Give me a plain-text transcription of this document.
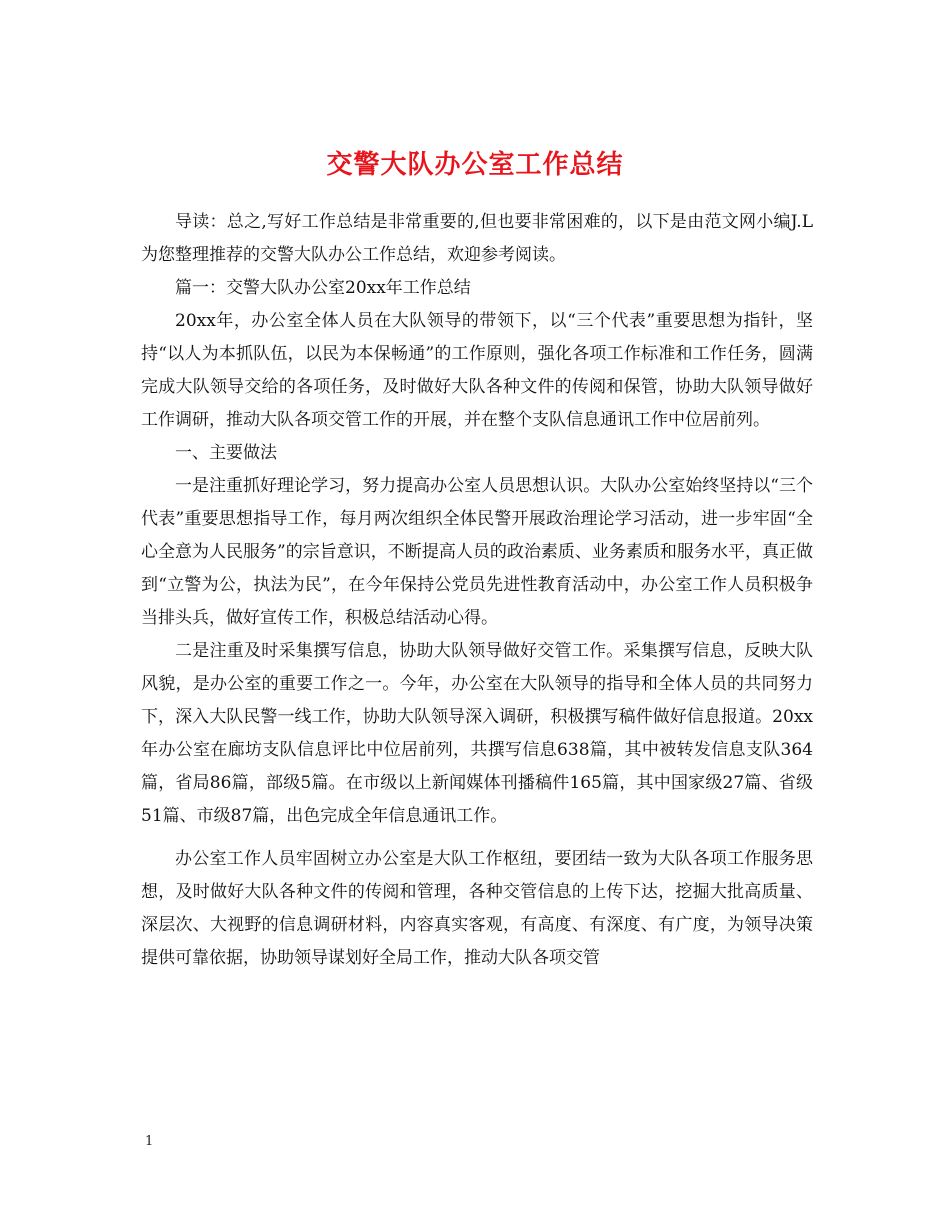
交警大队办公室工作总结

导读：总之,写好工作总结是非常重要的,但也要非常困难的，以下是由范文网小编J.L为您整理推荐的交警大队办公工作总结，欢迎参考阅读。

篇一：交警大队办公室20xx年工作总结

20xx年，办公室全体人员在大队领导的带领下，以“三个代表”重要思想为指针，坚持“以人为本抓队伍，以民为本保畅通”的工作原则，强化各项工作标准和工作任务，圆满完成大队领导交给的各项任务，及时做好大队各种文件的传阅和保管，协助大队领导做好工作调研，推动大队各项交管工作的开展，并在整个支队信息通讯工作中位居前列。

一、主要做法

一是注重抓好理论学习，努力提高办公室人员思想认识。大队办公室始终坚持以“三个代表”重要思想指导工作，每月两次组织全体民警开展政治理论学习活动，进一步牢固“全心全意为人民服务”的宗旨意识，不断提高人员的政治素质、业务素质和服务水平，真正做到“立警为公，执法为民”，在今年保持公党员先进性教育活动中，办公室工作人员积极争当排头兵，做好宣传工作，积极总结活动心得。

二是注重及时采集撰写信息，协助大队领导做好交管工作。采集撰写信息，反映大队风貌，是办公室的重要工作之一。今年，办公室在大队领导的指导和全体人员的共同努力下，深入大队民警一线工作，协助大队领导深入调研，积极撰写稿件做好信息报道。20xx年办公室在廊坊支队信息评比中位居前列，共撰写信息638篇，其中被转发信息支队364篇，省局86篇，部级5篇。在市级以上新闻媒体刊播稿件165篇，其中国家级27篇、省级51篇、市级87篇，出色完成全年信息通讯工作。

办公室工作人员牢固树立办公室是大队工作枢纽，要团结一致为大队各项工作服务思想，及时做好大队各种文件的传阅和管理，各种交管信息的上传下达，挖掘大批高质量、深层次、大视野的信息调研材料，内容真实客观，有高度、有深度、有广度，为领导决策提供可靠依据，协助领导谋划好全局工作，推动大队各项交管

1
